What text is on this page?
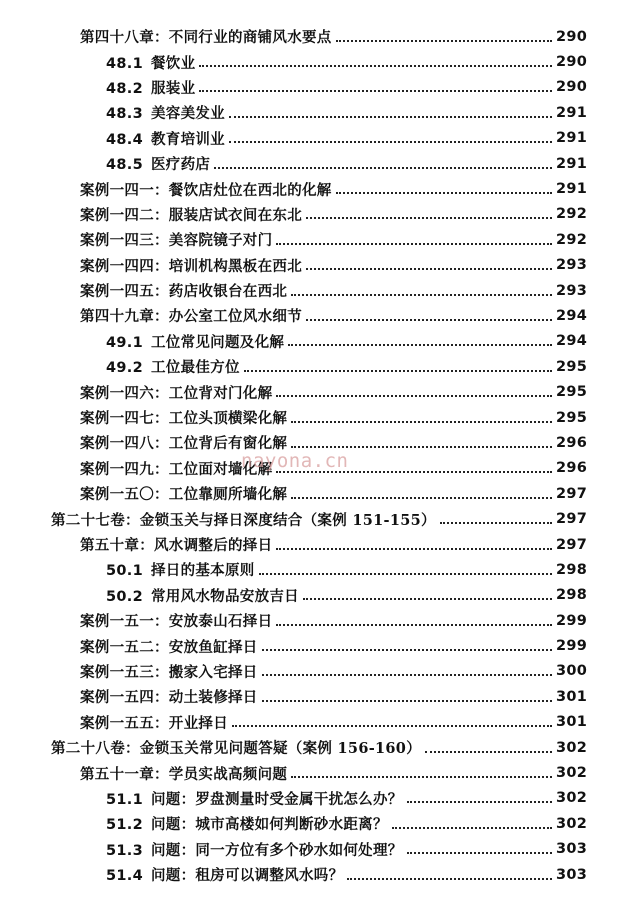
第四十八章：不同行业的商铺风水要点	290
48.1 餐饮业	290
48.2 服装业	290
48.3 美容美发业	291
48.4 教育培训业	291
48.5 医疗药店	291
案例一四一：餐饮店灶位在西北的化解	291
案例一四二：服装店试衣间在东北	292
案例一四三：美容院镜子对门	292
案例一四四：培训机构黑板在西北	293
案例一四五：药店收银台在西北	293
第四十九章：办公室工位风水细节	294
49.1 工位常见问题及化解	294
49.2 工位最佳方位	295
案例一四六：工位背对门化解	295
案例一四七：工位头顶横梁化解	295
案例一四八：工位背后有窗化解	296
案例一四九：工位面对墙化解	296
案例一五〇：工位靠厕所墙化解	297
第二十七卷：金锁玉关与择日深度结合（案例 151-155）	297
第五十章：风水调整后的择日	297
50.1 择日的基本原则	298
50.2 常用风水物品安放吉日	298
案例一五一：安放泰山石择日	299
案例一五二：安放鱼缸择日	299
案例一五三：搬家入宅择日	300
案例一五四：动土装修择日	301
案例一五五：开业择日	301
第二十八卷：金锁玉关常见问题答疑（案例 156-160）	302
第五十一章：学员实战高频问题	302
51.1 问题：罗盘测量时受金属干扰怎么办？	302
51.2 问题：城市高楼如何判断砂水距离？	302
51.3 问题：同一方位有多个砂水如何处理？	303
51.4 问题：租房可以调整风水吗？	303
nayona.cn
